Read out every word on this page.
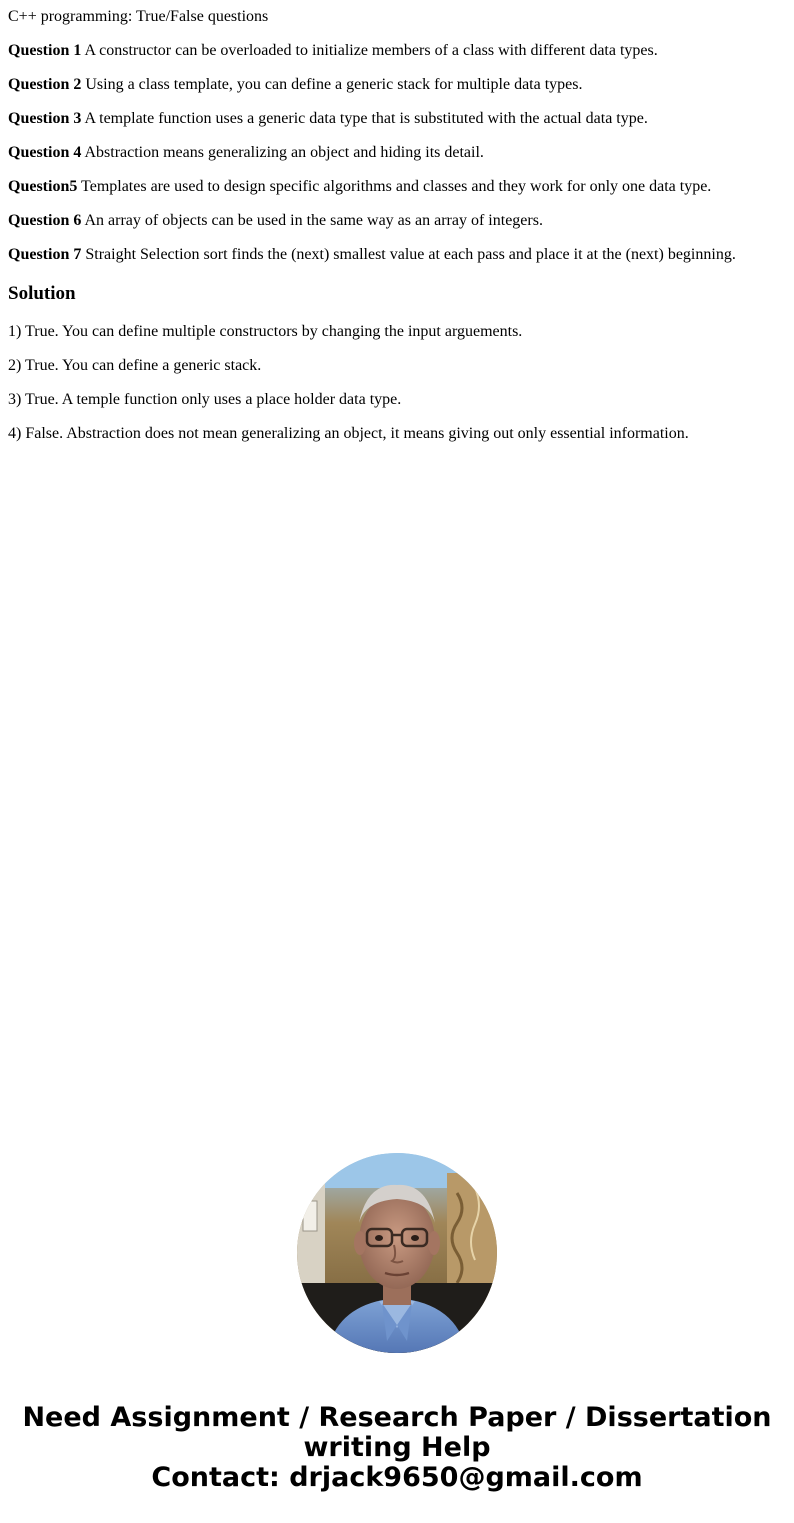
C++ programming: True/False questions

Question 1 A constructor can be overloaded to initialize members of a class with different data types.

Question 2 Using a class template, you can define a generic stack for multiple data types.

Question 3 A template function uses a generic data type that is substituted with the actual data type.

Question 4 Abstraction means generalizing an object and hiding its detail.

Question5 Templates are used to design specific algorithms and classes and they work for only one data type.

Question 6 An array of objects can be used in the same way as an array of integers.

Question 7 Straight Selection sort finds the (next) smallest value at each pass and place it at the (next) beginning.

Solution

1) True. You can define multiple constructors by changing the input arguements.

2) True. You can define a generic stack.

3) True. A temple function only uses a place holder data type.

4) False. Abstraction does not mean generalizing an object, it means giving out only essential information.

Need Assignment / Research Paper / Dissertation
writing Help
Contact: drjack9650@gmail.com
